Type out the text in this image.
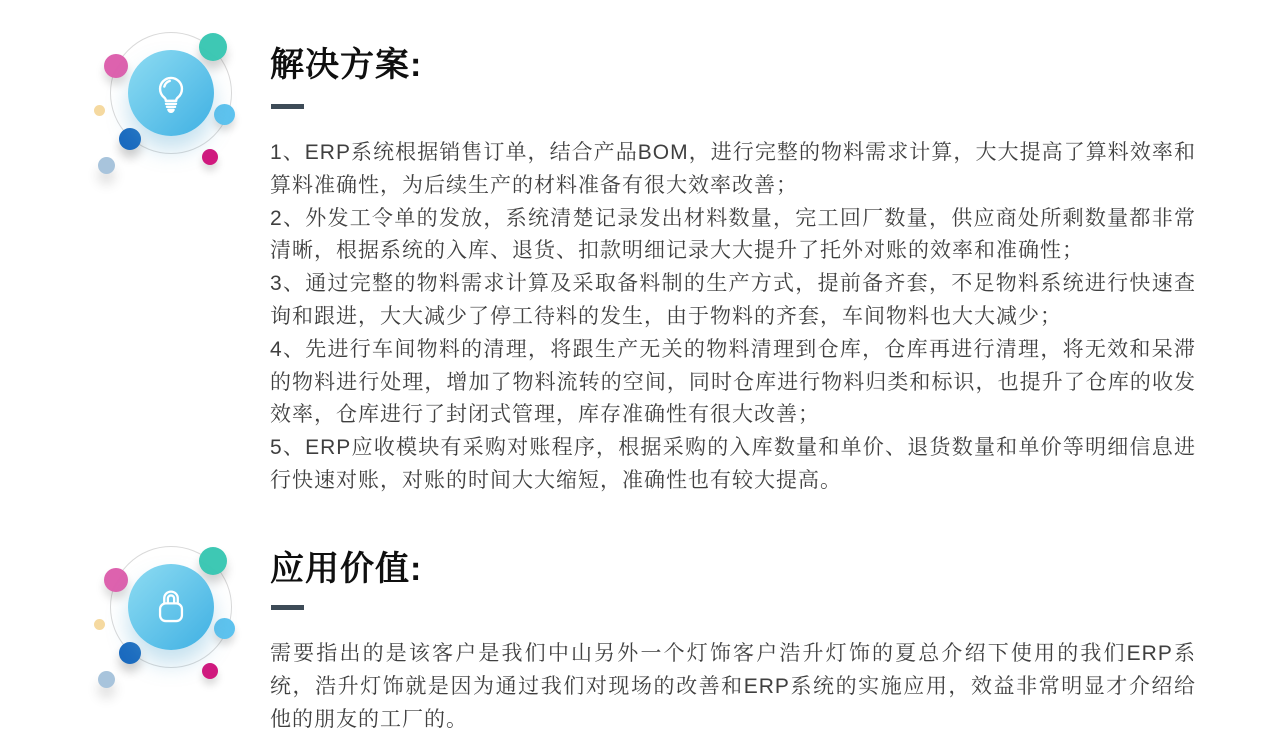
解决方案:
1、ERP系统根据销售订单，结合产品BOM，进行完整的物料需求计算，大大提高了算料效率和算料准确性，为后续生产的材料准备有很大效率改善；
2、外发工令单的发放，系统清楚记录发出材料数量，完工回厂数量，供应商处所剩数量都非常清晰，根据系统的入库、退货、扣款明细记录大大提升了托外对账的效率和准确性；
3、通过完整的物料需求计算及采取备料制的生产方式，提前备齐套，不足物料系统进行快速查询和跟进，大大减少了停工待料的发生，由于物料的齐套，车间物料也大大减少；
4、先进行车间物料的清理，将跟生产无关的物料清理到仓库，仓库再进行清理，将无效和呆滞的物料进行处理，增加了物料流转的空间，同时仓库进行物料归类和标识，也提升了仓库的收发效率，仓库进行了封闭式管理，库存准确性有很大改善；
5、ERP应收模块有采购对账程序，根据采购的入库数量和单价、退货数量和单价等明细信息进行快速对账，对账的时间大大缩短，准确性也有较大提高。
应用价值:
需要指出的是该客户是我们中山另外一个灯饰客户浩升灯饰的夏总介绍下使用的我们ERP系统，浩升灯饰就是因为通过我们对现场的改善和ERP系统的实施应用，效益非常明显才介绍给他的朋友的工厂的。
